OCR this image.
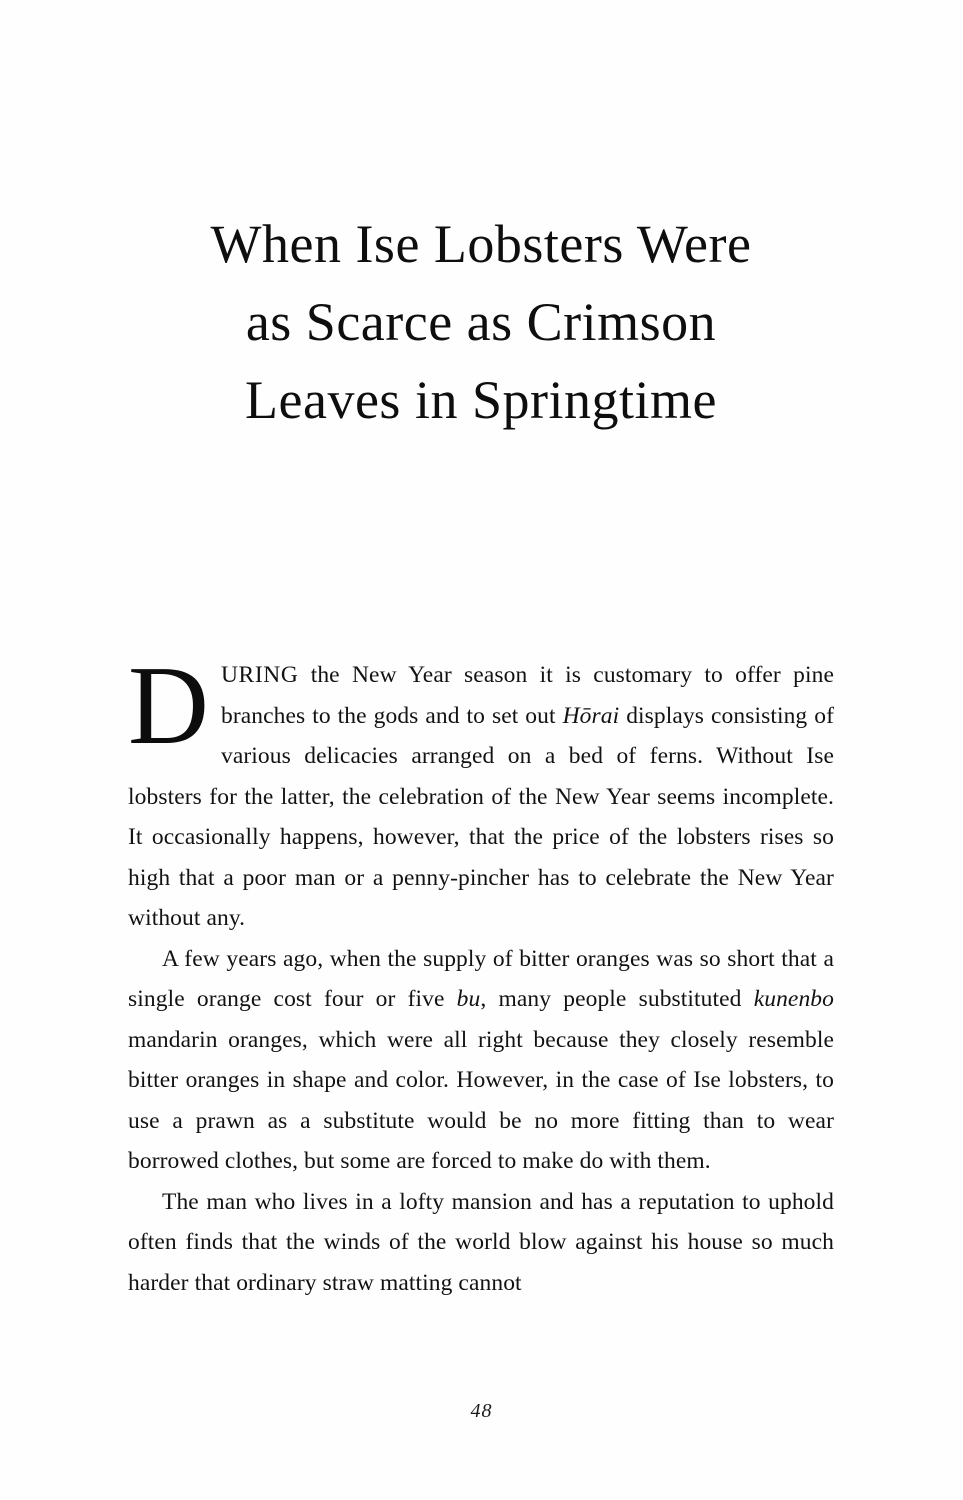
When Ise Lobsters Were
as Scarce as Crimson
Leaves in Springtime

DURING the New Year season it is customary to offer pine branches to the gods and to set out Hōrai displays consisting of various delicacies arranged on a bed of ferns. Without Ise lobsters for the latter, the celebration of the New Year seems incomplete. It occasionally happens, however, that the price of the lobsters rises so high that a poor man or a penny-pincher has to celebrate the New Year without any.

A few years ago, when the supply of bitter oranges was so short that a single orange cost four or five bu, many people substituted kunenbo mandarin oranges, which were all right because they closely resemble bitter oranges in shape and color. However, in the case of Ise lobsters, to use a prawn as a substitute would be no more fitting than to wear borrowed clothes, but some are forced to make do with them.

The man who lives in a lofty mansion and has a reputation to uphold often finds that the winds of the world blow against his house so much harder that ordinary straw matting cannot

48
